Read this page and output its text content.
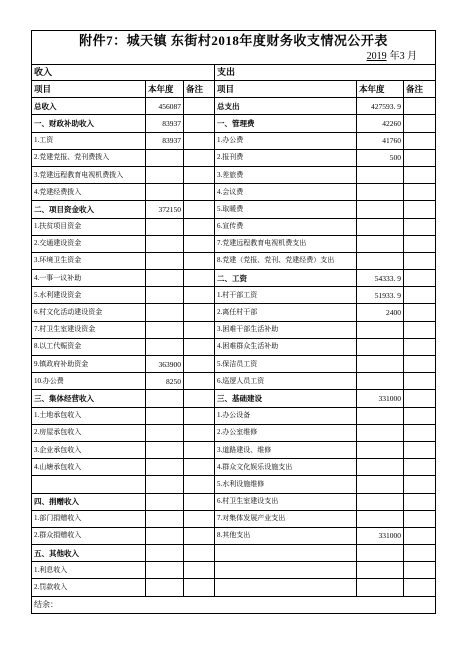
附件7：城天镇 东街村2018年度财务收支情况公开表					
2019 年3 月					
收入			支出		
项目	本年度	备注	项目	本年度	备注
总收入	456087		总支出	427593. 9	
一、财政补助收入	83937		一、管理费	42260	
1.工资	83937		1.办公费	41760	
2.党建党报、党刊费拨入			2.报刊费	500	
3.党建远程教育电视机费拨入			3.差旅费		
4.党建经费拨入			4.会议费		
二、项目资金收入	372150		5.取暖费		
1.扶贫项目资金			6.宣传费		
2.交通建设资金			7.党建远程教育电视机费支出		
3.环境卫生资金			8.党建（党报、党刊、党建经费）支出		
4.一事一议补助			二、工资	54333. 9	
5.水利建设资金			1.村干部工资	51933. 9	
6.村文化活动建设资金			2.离任村干部	2400	
7.村卫生室建设资金			3.困难干部生活补助		
8.以工代赈资金			4.困难群众生活补助		
9.镇政府补助资金	363900		5.保洁员工资		
10.办公费	8250		6.巡逻人员工资		
三、集体经营收入			三、基础建设	331000	
1.土地承包收入			1.办公设备		
2.房屋承包收入			2.办公室维修		
3.企业承包收入			3.道路建设、维修		
4.山塘承包收入			4.群众文化娱乐设施支出		
			5.水利设施维修		
四、捐赠收入			6.村卫生室建设支出		
1.部门捐赠收入			7.对集体发展产业支出		
2.群众捐赠收入			8.其他支出	331000	
五、其他收入					
1.利息收入					
2.罚款收入					
结余：					
